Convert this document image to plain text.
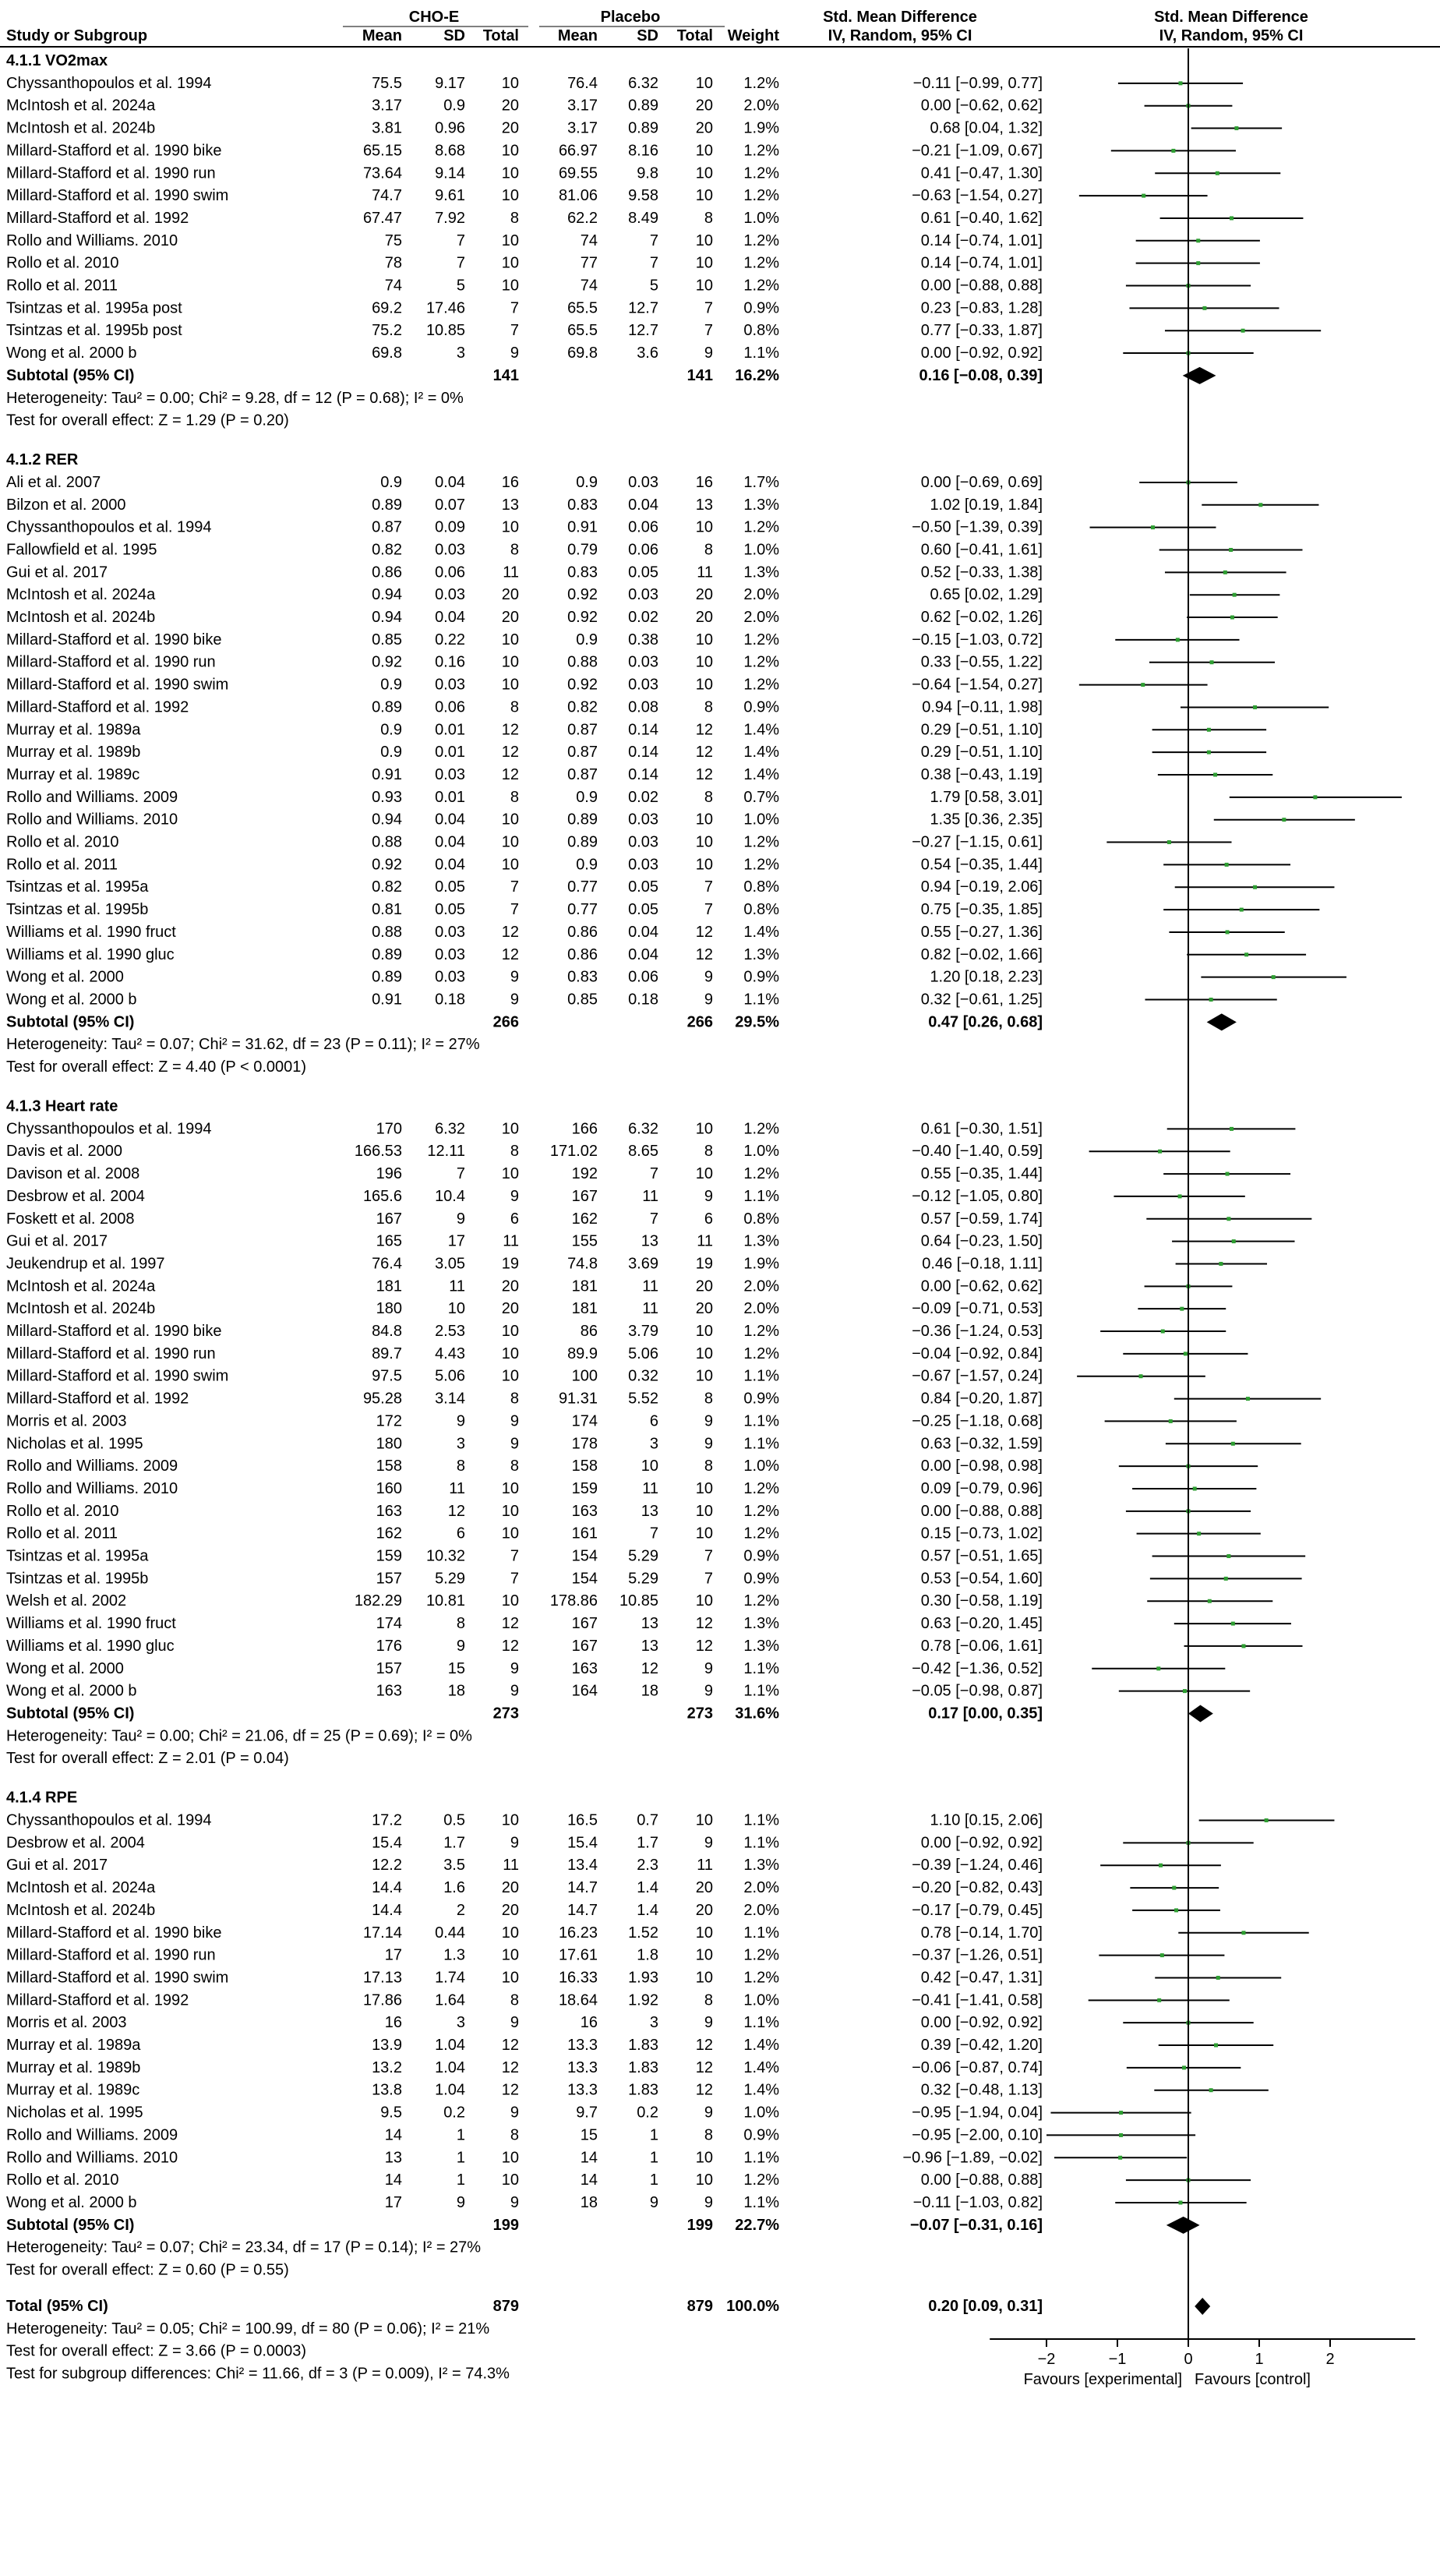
CHO-E	Placebo	Std. Mean Difference
IV, Random, 95% CI
Std. Mean Difference
IV, Random, 95% CI
Study or Subgroup	Mean	SD Total Mean	SD Total Weight
4.1.1 VO2max
Chyssanthopoulos et al. 1994	75.5 9.17 10	76.4 6.32 10 1.2%	−0.11 [−0.99, 0.77]
McIntosh et al. 2024a	3.17	0.9 20	3.17 0.89 20 2.0%	0.00 [−0.62, 0.62]
McIntosh et al. 2024b	3.81 0.96 20	3.17 0.89 20 1.9%	0.68 [0.04, 1.32]
Millard-Stafford et al. 1990 bike	65.15 8.68 10	66.97 8.16 10 1.2%	−0.21 [−1.09, 0.67]
Millard-Stafford et al. 1990 run	73.64 9.14 10	69.55	9.8 10 1.2%	0.41 [−0.47, 1.30]
Millard-Stafford et al. 1990 swim	74.7 9.61 10	81.06 9.58 10 1.2%	−0.63 [−1.54, 0.27]
Millard-Stafford et al. 1992	67.47 7.92	8	62.2 8.49	8 1.0%	0.61 [−0.40, 1.62]
Rollo and Williams. 2010	75	7 10	74	7 10 1.2%	0.14 [−0.74, 1.01]
Rollo et al. 2010	78	7 10	77	7 10 1.2%	0.14 [−0.74, 1.01]
Rollo et al. 2011	74	5 10	74	5 10 1.2%	0.00 [−0.88, 0.88]
Tsintzas et al. 1995a post	69.2 17.46	7	65.5 12.7	7 0.9%	0.23 [−0.83, 1.28]
Tsintzas et al. 1995b post	75.2 10.85	7	65.5 12.7	7 0.8%	0.77 [−0.33, 1.87]
Wong et al. 2000 b	69.8	3	9	69.8	3.6	9 1.1%	0.00 [−0.92, 0.92]
Subtotal (95% CI)	141	141 16.2%	0.16 [−0.08, 0.39]
Heterogeneity: Tau² = 0.00; Chi² = 9.28, df = 12 (P = 0.68); I² = 0%
Test for overall effect: Z = 1.29 (P = 0.20)
4.1.2 RER
Ali et al. 2007	0.9 0.04 16	0.9 0.03 16 1.7%	0.00 [−0.69, 0.69]
Bilzon et al. 2000	0.89 0.07 13	0.83 0.04 13 1.3%	1.02 [0.19, 1.84]
Chyssanthopoulos et al. 1994	0.87 0.09 10	0.91 0.06 10 1.2%	−0.50 [−1.39, 0.39]
Fallowfield et al. 1995	0.82 0.03	8	0.79 0.06	8 1.0%	0.60 [−0.41, 1.61]
Gui et al. 2017	0.86 0.06 11	0.83 0.05 11 1.3%	0.52 [−0.33, 1.38]
McIntosh et al. 2024a	0.94 0.03 20	0.92 0.03 20 2.0%	0.65 [0.02, 1.29]
McIntosh et al. 2024b	0.94 0.04 20	0.92 0.02 20 2.0%	0.62 [−0.02, 1.26]
Millard-Stafford et al. 1990 bike	0.85 0.22 10	0.9 0.38 10 1.2%	−0.15 [−1.03, 0.72]
Millard-Stafford et al. 1990 run	0.92 0.16 10	0.88 0.03 10 1.2%	0.33 [−0.55, 1.22]
Millard-Stafford et al. 1990 swim	0.9 0.03 10	0.92 0.03 10 1.2%	−0.64 [−1.54, 0.27]
Millard-Stafford et al. 1992	0.89 0.06	8	0.82 0.08	8 0.9%	0.94 [−0.11, 1.98]
Murray et al. 1989a	0.9 0.01 12	0.87 0.14 12 1.4%	0.29 [−0.51, 1.10]
Murray et al. 1989b	0.9 0.01 12	0.87 0.14 12 1.4%	0.29 [−0.51, 1.10]
Murray et al. 1989c	0.91 0.03 12	0.87 0.14 12 1.4%	0.38 [−0.43, 1.19]
Rollo and Williams. 2009	0.93 0.01	8	0.9 0.02	8 0.7%	1.79 [0.58, 3.01]
Rollo and Williams. 2010	0.94 0.04 10	0.89 0.03 10 1.0%	1.35 [0.36, 2.35]
Rollo et al. 2010	0.88 0.04 10	0.89 0.03 10 1.2%	−0.27 [−1.15, 0.61]
Rollo et al. 2011	0.92 0.04 10	0.9 0.03 10 1.2%	0.54 [−0.35, 1.44]
Tsintzas et al. 1995a	0.82 0.05	7	0.77 0.05	7 0.8%	0.94 [−0.19, 2.06]
Tsintzas et al. 1995b	0.81 0.05	7	0.77 0.05	7 0.8%	0.75 [−0.35, 1.85]
Williams et al. 1990 fruct	0.88 0.03 12	0.86 0.04 12 1.4%	0.55 [−0.27, 1.36]
Williams et al. 1990 gluc	0.89 0.03 12	0.86 0.04 12 1.3%	0.82 [−0.02, 1.66]
Wong et al. 2000	0.89 0.03	9	0.83 0.06	9 0.9%	1.20 [0.18, 2.23]
Wong et al. 2000 b	0.91 0.18	9	0.85 0.18	9 1.1%	0.32 [−0.61, 1.25]
Subtotal (95% CI)	266	266 29.5%	0.47 [0.26, 0.68]
Heterogeneity: Tau² = 0.07; Chi² = 31.62, df = 23 (P = 0.11); I² = 27%
Test for overall effect: Z = 4.40 (P < 0.0001)
4.1.3 Heart rate
Chyssanthopoulos et al. 1994	170 6.32 10	166 6.32 10 1.2%	0.61 [−0.30, 1.51]
Davis et al. 2000	166.53 12.11	8 171.02 8.65	8 1.0%	−0.40 [−1.40, 0.59]
Davison et al. 2008	196	7 10	192	7 10 1.2%	0.55 [−0.35, 1.44]
Desbrow et al. 2004	165.6 10.4	9	167	11	9 1.1%	−0.12 [−1.05, 0.80]
Foskett et al. 2008	167	9	6	162	7	6 0.8%	0.57 [−0.59, 1.74]
Gui et al. 2017	165	17 11	155	13 11 1.3%	0.64 [−0.23, 1.50]
Jeukendrup et al. 1997	76.4 3.05 19	74.8 3.69 19 1.9%	0.46 [−0.18, 1.11]
McIntosh et al. 2024a	181	11 20	181	11 20 2.0%	0.00 [−0.62, 0.62]
McIntosh et al. 2024b	180	10 20	181	11 20 2.0%	−0.09 [−0.71, 0.53]
Millard-Stafford et al. 1990 bike	84.8 2.53 10	86 3.79 10 1.2%	−0.36 [−1.24, 0.53]
Millard-Stafford et al. 1990 run	89.7 4.43 10	89.9 5.06 10 1.2%	−0.04 [−0.92, 0.84]
Millard-Stafford et al. 1990 swim	97.5 5.06 10	100 0.32 10 1.1%	−0.67 [−1.57, 0.24]
Millard-Stafford et al. 1992	95.28 3.14	8	91.31 5.52	8 0.9%	0.84 [−0.20, 1.87]
Morris et al. 2003	172	9	9	174	6	9 1.1%	−0.25 [−1.18, 0.68]
Nicholas et al. 1995	180	3	9	178	3	9 1.1%	0.63 [−0.32, 1.59]
Rollo and Williams. 2009	158	8	8	158	10	8 1.0%	0.00 [−0.98, 0.98]
Rollo and Williams. 2010	160	11 10	159	11 10 1.2%	0.09 [−0.79, 0.96]
Rollo et al. 2010	163	12 10	163	13 10 1.2%	0.00 [−0.88, 0.88]
Rollo et al. 2011	162	6 10	161	7 10 1.2%	0.15 [−0.73, 1.02]
Tsintzas et al. 1995a	159 10.32	7	154 5.29	7 0.9%	0.57 [−0.51, 1.65]
Tsintzas et al. 1995b	157 5.29	7	154 5.29	7 0.9%	0.53 [−0.54, 1.60]
Welsh et al. 2002	182.29 10.81 10 178.86 10.85 10 1.2%	0.30 [−0.58, 1.19]
Williams et al. 1990 fruct	174	8 12	167	13 12 1.3%	0.63 [−0.20, 1.45]
Williams et al. 1990 gluc	176	9 12	167	13 12 1.3%	0.78 [−0.06, 1.61]
Wong et al. 2000	157	15	9	163	12	9 1.1%	−0.42 [−1.36, 0.52]
Wong et al. 2000 b	163	18	9	164	18	9 1.1%	−0.05 [−0.98, 0.87]
Subtotal (95% CI)	273	273 31.6%	0.17 [0.00, 0.35]
Heterogeneity: Tau² = 0.00; Chi² = 21.06, df = 25 (P = 0.69); I² = 0%
Test for overall effect: Z = 2.01 (P = 0.04)
4.1.4 RPE
Chyssanthopoulos et al. 1994	17.2	0.5 10	16.5	0.7 10 1.1%	1.10 [0.15, 2.06]
Desbrow et al. 2004	15.4	1.7	9	15.4	1.7	9 1.1%	0.00 [−0.92, 0.92]
Gui et al. 2017	12.2	3.5 11	13.4	2.3 11 1.3%	−0.39 [−1.24, 0.46]
McIntosh et al. 2024a	14.4	1.6 20	14.7	1.4 20 2.0%	−0.20 [−0.82, 0.43]
McIntosh et al. 2024b	14.4	2 20	14.7	1.4 20 2.0%	−0.17 [−0.79, 0.45]
Millard-Stafford et al. 1990 bike	17.14 0.44 10	16.23 1.52 10 1.1%	0.78 [−0.14, 1.70]
Millard-Stafford et al. 1990 run	17	1.3 10	17.61	1.8 10 1.2%	−0.37 [−1.26, 0.51]
Millard-Stafford et al. 1990 swim	17.13 1.74 10	16.33 1.93 10 1.2%	0.42 [−0.47, 1.31]
Millard-Stafford et al. 1992	17.86 1.64	8	18.64 1.92	8 1.0%	−0.41 [−1.41, 0.58]
Morris et al. 2003	16	3	9	16	3	9 1.1%	0.00 [−0.92, 0.92]
Murray et al. 1989a	13.9 1.04 12	13.3 1.83 12 1.4%	0.39 [−0.42, 1.20]
Murray et al. 1989b	13.2 1.04 12	13.3 1.83 12 1.4%	−0.06 [−0.87, 0.74]
Murray et al. 1989c	13.8 1.04 12	13.3 1.83 12 1.4%	0.32 [−0.48, 1.13]
Nicholas et al. 1995	9.5	0.2	9	9.7	0.2	9 1.0%	−0.95 [−1.94, 0.04]
Rollo and Williams. 2009	14	1	8	15	1	8 0.9%	−0.95 [−2.00, 0.10]
Rollo and Williams. 2010	13	1 10	14	1 10 1.1%	−0.96 [−1.89, −0.02]
Rollo et al. 2010	14	1 10	14	1 10 1.2%	0.00 [−0.88, 0.88]
Wong et al. 2000 b	17	9	9	18	9	9 1.1%	−0.11 [−1.03, 0.82]
Subtotal (95% CI)	199	199 22.7%	−0.07 [−0.31, 0.16]
Heterogeneity: Tau² = 0.07; Chi² = 23.34, df = 17 (P = 0.14); I² = 27%
Test for overall effect: Z = 0.60 (P = 0.55)
Total (95% CI)	879	879 100.0%	0.20 [0.09, 0.31]
Heterogeneity: Tau² = 0.05; Chi² = 100.99, df = 80 (P = 0.06); I² = 21%
Test for overall effect: Z = 3.66 (P = 0.0003)
Test for subgroup differences: Chi² = 11.66, df = 3 (P = 0.009), I² = 74.3%
−2	−1	0	1	2
Favours [experimental] Favours [control]
